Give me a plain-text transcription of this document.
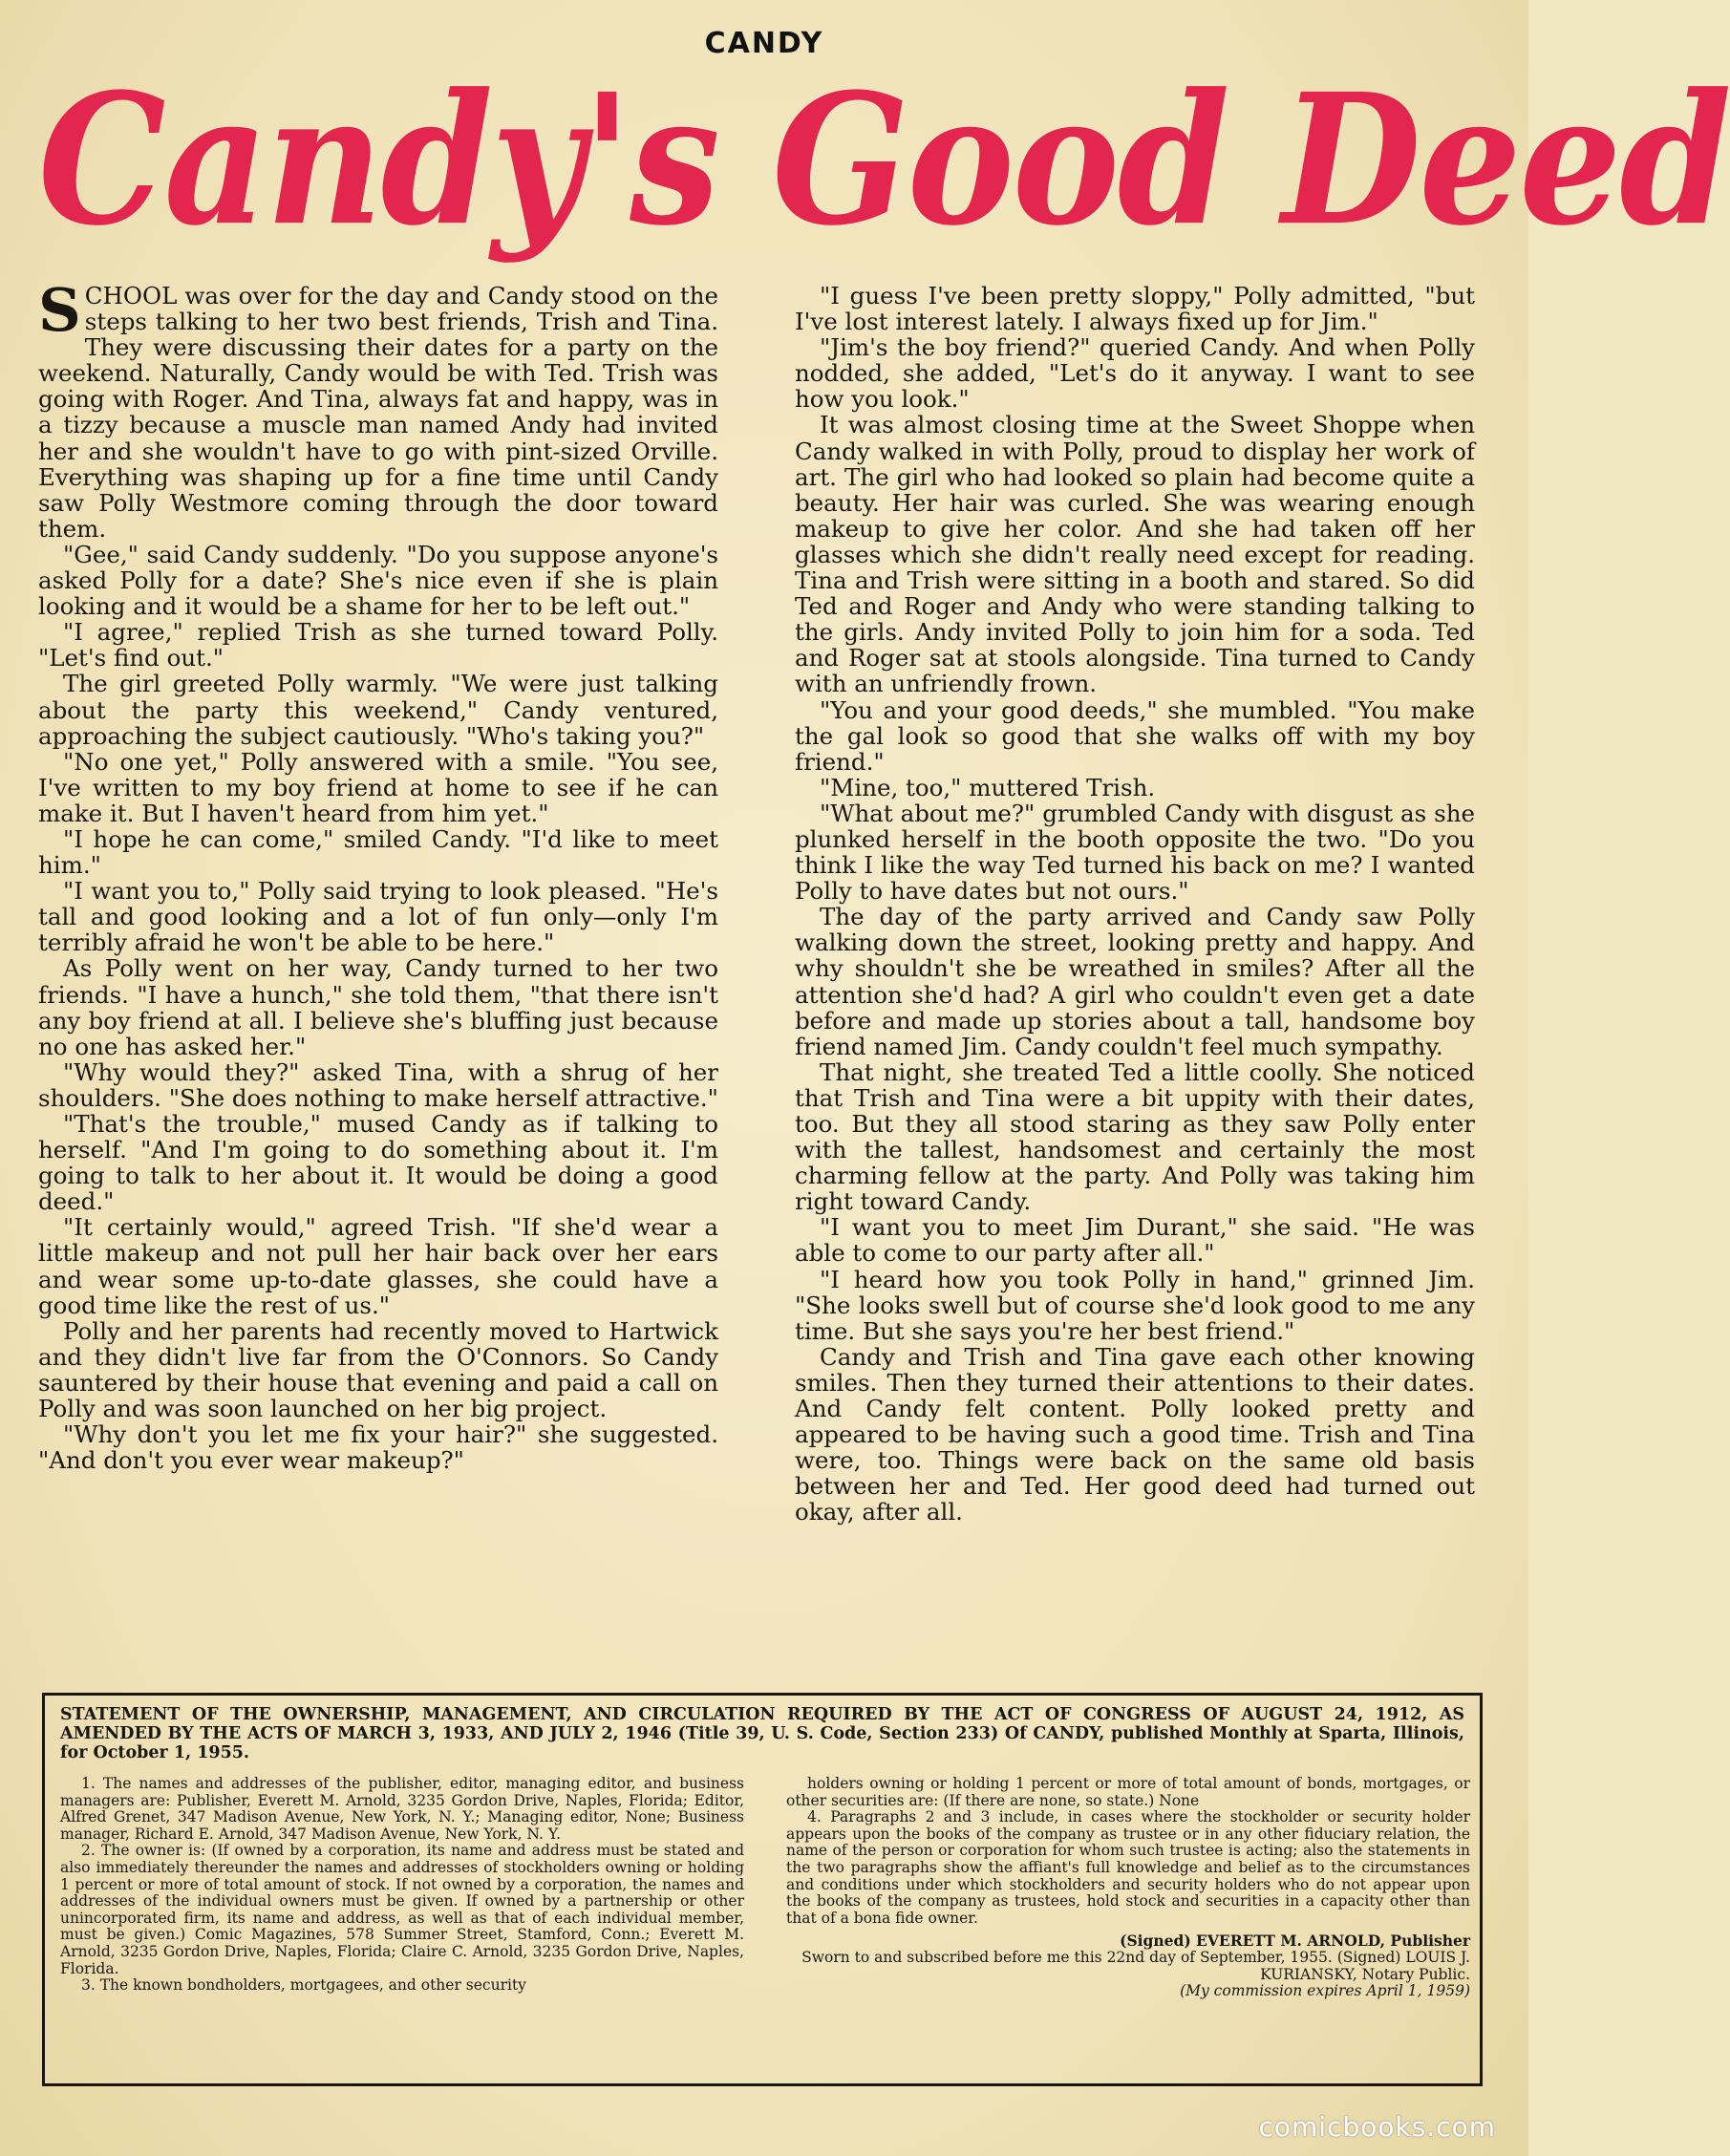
CANDY
Candy's Good Deed

SCHOOL was over for the day and Candy stood on the steps talking to her two best friends, Trish and Tina. They were discussing their dates for a party on the weekend. Naturally, Candy would be with Ted. Trish was going with Roger. And Tina, always fat and happy, was in a tizzy because a muscle man named Andy had invited her and she wouldn't have to go with pint-sized Orville. Everything was shaping up for a fine time until Candy saw Polly Westmore coming through the door toward them.

"Gee," said Candy suddenly. "Do you suppose anyone's asked Polly for a date? She's nice even if she is plain looking and it would be a shame for her to be left out."

"I agree," replied Trish as she turned toward Polly. "Let's find out."

The girl greeted Polly warmly. "We were just talking about the party this weekend," Candy ventured, approaching the subject cautiously. "Who's taking you?"

"No one yet," Polly answered with a smile. "You see, I've written to my boy friend at home to see if he can make it. But I haven't heard from him yet."

"I hope he can come," smiled Candy. "I'd like to meet him."

"I want you to," Polly said trying to look pleased. "He's tall and good looking and a lot of fun only—only I'm terribly afraid he won't be able to be here."

As Polly went on her way, Candy turned to her two friends. "I have a hunch," she told them, "that there isn't any boy friend at all. I believe she's bluffing just because no one has asked her."

"Why would they?" asked Tina, with a shrug of her shoulders. "She does nothing to make herself attractive."

"That's the trouble," mused Candy as if talking to herself. "And I'm going to do something about it. I'm going to talk to her about it. It would be doing a good deed."

"It certainly would," agreed Trish. "If she'd wear a little makeup and not pull her hair back over her ears and wear some up-to-date glasses, she could have a good time like the rest of us."

Polly and her parents had recently moved to Hartwick and they didn't live far from the O'Connors. So Candy sauntered by their house that evening and paid a call on Polly and was soon launched on her big project.

"Why don't you let me fix your hair?" she suggested. "And don't you ever wear makeup?"

"I guess I've been pretty sloppy," Polly admitted, "but I've lost interest lately. I always fixed up for Jim."

"Jim's the boy friend?" queried Candy. And when Polly nodded, she added, "Let's do it anyway. I want to see how you look."

It was almost closing time at the Sweet Shoppe when Candy walked in with Polly, proud to display her work of art. The girl who had looked so plain had become quite a beauty. Her hair was curled. She was wearing enough makeup to give her color. And she had taken off her glasses which she didn't really need except for reading. Tina and Trish were sitting in a booth and stared. So did Ted and Roger and Andy who were standing talking to the girls. Andy invited Polly to join him for a soda. Ted and Roger sat at stools alongside. Tina turned to Candy with an unfriendly frown.

"You and your good deeds," she mumbled. "You make the gal look so good that she walks off with my boy friend."

"Mine, too," muttered Trish.

"What about me?" grumbled Candy with disgust as she plunked herself in the booth opposite the two. "Do you think I like the way Ted turned his back on me? I wanted Polly to have dates but not ours."

The day of the party arrived and Candy saw Polly walking down the street, looking pretty and happy. And why shouldn't she be wreathed in smiles? After all the attention she'd had? A girl who couldn't even get a date before and made up stories about a tall, handsome boy friend named Jim. Candy couldn't feel much sympathy.

That night, she treated Ted a little coolly. She noticed that Trish and Tina were a bit uppity with their dates, too. But they all stood staring as they saw Polly enter with the tallest, handsomest and certainly the most charming fellow at the party. And Polly was taking him right toward Candy.

"I want you to meet Jim Durant," she said. "He was able to come to our party after all."

"I heard how you took Polly in hand," grinned Jim. "She looks swell but of course she'd look good to me any time. But she says you're her best friend."

Candy and Trish and Tina gave each other knowing smiles. Then they turned their attentions to their dates. And Candy felt content. Polly looked pretty and appeared to be having such a good time. Trish and Tina were, too. Things were back on the same old basis between her and Ted. Her good deed had turned out okay, after all.

STATEMENT OF THE OWNERSHIP, MANAGEMENT, AND CIRCULATION REQUIRED BY THE ACT OF CONGRESS OF AUGUST 24, 1912, AS AMENDED BY THE ACTS OF MARCH 3, 1933, AND JULY 2, 1946 (Title 39, U. S. Code, Section 233) Of CANDY, published Monthly at Sparta, Illinois, for October 1, 1955.

1. The names and addresses of the publisher, editor, managing editor, and business managers are: Publisher, Everett M. Arnold, 3235 Gordon Drive, Naples, Florida; Editor, Alfred Grenet, 347 Madison Avenue, New York, N. Y.; Managing editor, None; Business manager, Richard E. Arnold, 347 Madison Avenue, New York, N. Y.

2. The owner is: (If owned by a corporation, its name and address must be stated and also immediately thereunder the names and addresses of stockholders owning or holding 1 percent or more of total amount of stock. If not owned by a corporation, the names and addresses of the individual owners must be given. If owned by a partnership or other unincorporated firm, its name and address, as well as that of each individual member, must be given.) Comic Magazines, 578 Summer Street, Stamford, Conn.; Everett M. Arnold, 3235 Gordon Drive, Naples, Florida; Claire C. Arnold, 3235 Gordon Drive, Naples, Florida.

3. The known bondholders, mortgagees, and other security

holders owning or holding 1 percent or more of total amount of bonds, mortgages, or other securities are: (If there are none, so state.) None

4. Paragraphs 2 and 3 include, in cases where the stockholder or security holder appears upon the books of the company as trustee or in any other fiduciary relation, the name of the person or corporation for whom such trustee is acting; also the statements in the two paragraphs show the affiant's full knowledge and belief as to the circumstances and conditions under which stockholders and security holders who do not appear upon the books of the company as trustees, hold stock and securities in a capacity other than that of a bona fide owner.

(Signed) EVERETT M. ARNOLD, Publisher

Sworn to and subscribed before me this 22nd day of September, 1955. (Signed) LOUIS J. KURIANSKY, Notary Public.

(My commission expires April 1, 1959)

comicbooks.com
